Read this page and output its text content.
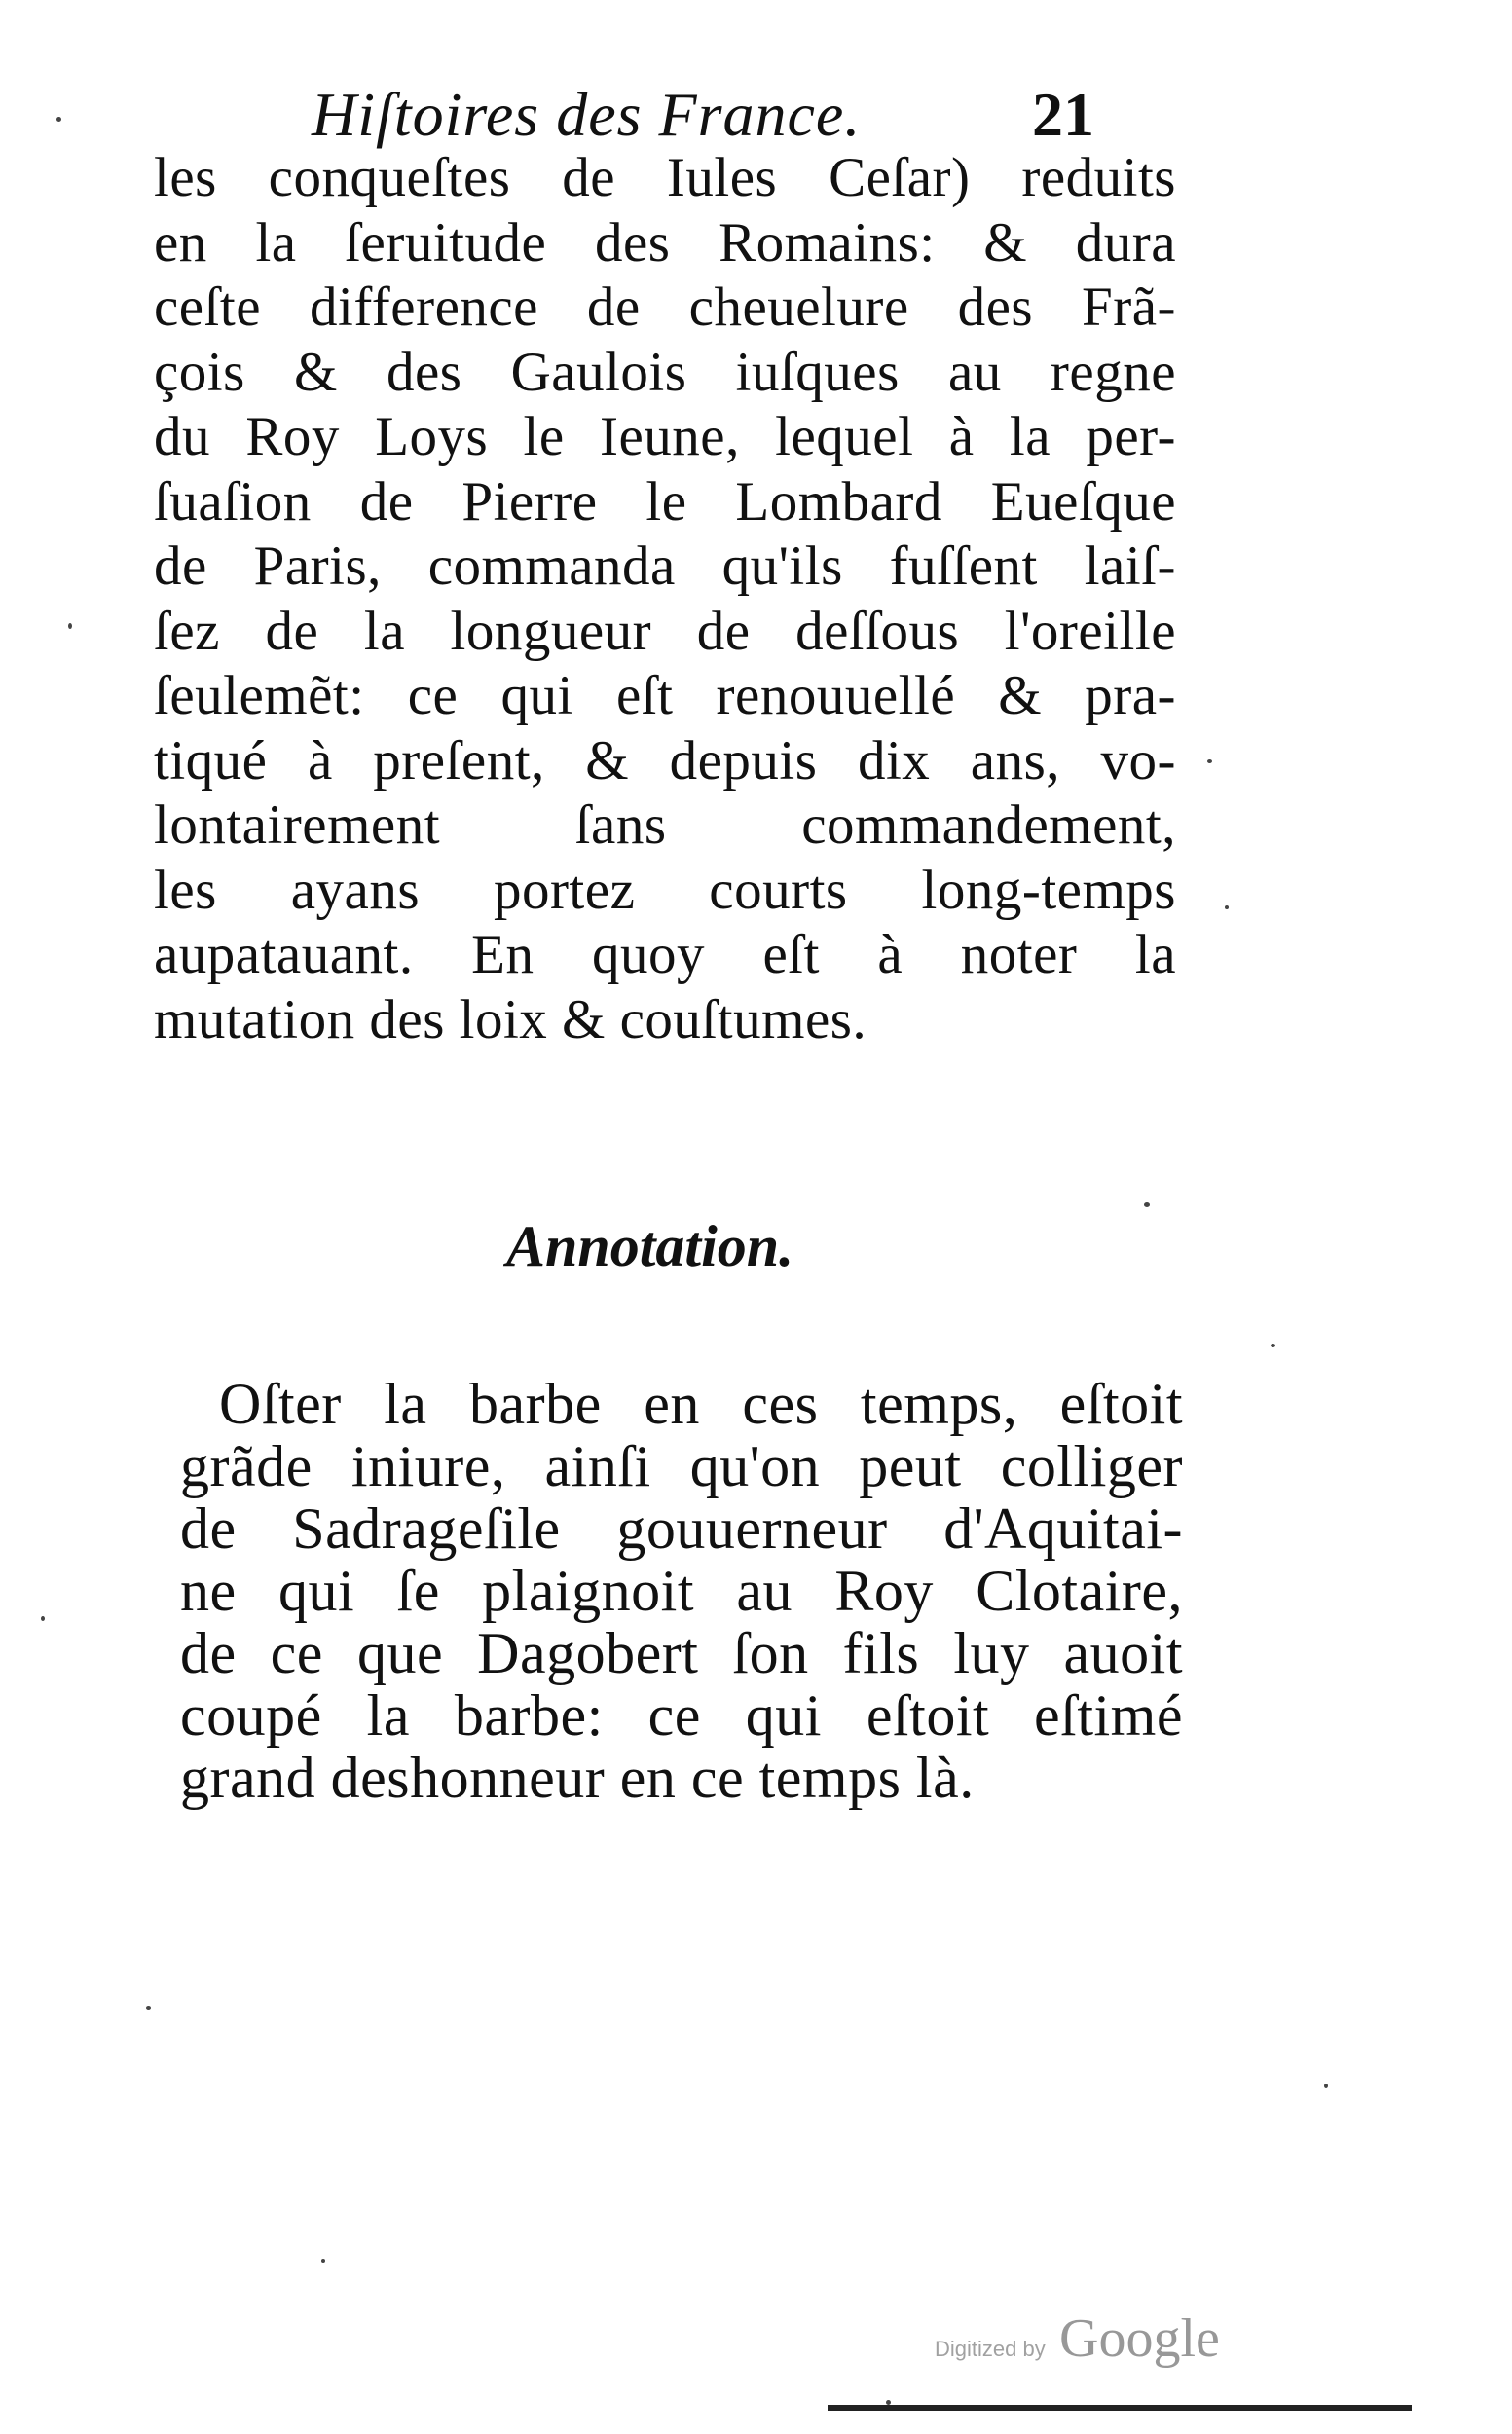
Hiſtoires des France.	21
les conqueſtes de Iules Ceſar) reduits
en la ſeruitude des Romains: & dura
ceſte difference de cheuelure des Frã-
çois & des Gaulois iuſques au regne
du Roy Loys le Ieune, lequel à la per-
ſuaſion de Pierre le Lombard Eueſque
de Paris, commanda qu'ils fuſſent laiſ-
ſez de la longueur de deſſous l'oreille
ſeulemẽt: ce qui eſt renouuellé & pra-
tiqué à preſent, & depuis dix ans, vo-
lontairement ſans commandement,
les ayans portez courts long-temps
aupatauant. En quoy eſt à noter la
mutation des loix & couſtumes.
Annotation.
Oſter la barbe en ces temps, eſtoit
grãde iniure, ainſi qu'on peut colliger
de Sadrageſile gouuerneur d'Aquitai-
ne qui ſe plaignoit au Roy Clotaire,
de ce que Dagobert ſon fils luy auoit
coupé la barbe: ce qui eſtoit eſtimé
grand deshonneur en ce temps là.
Digitized by Google
